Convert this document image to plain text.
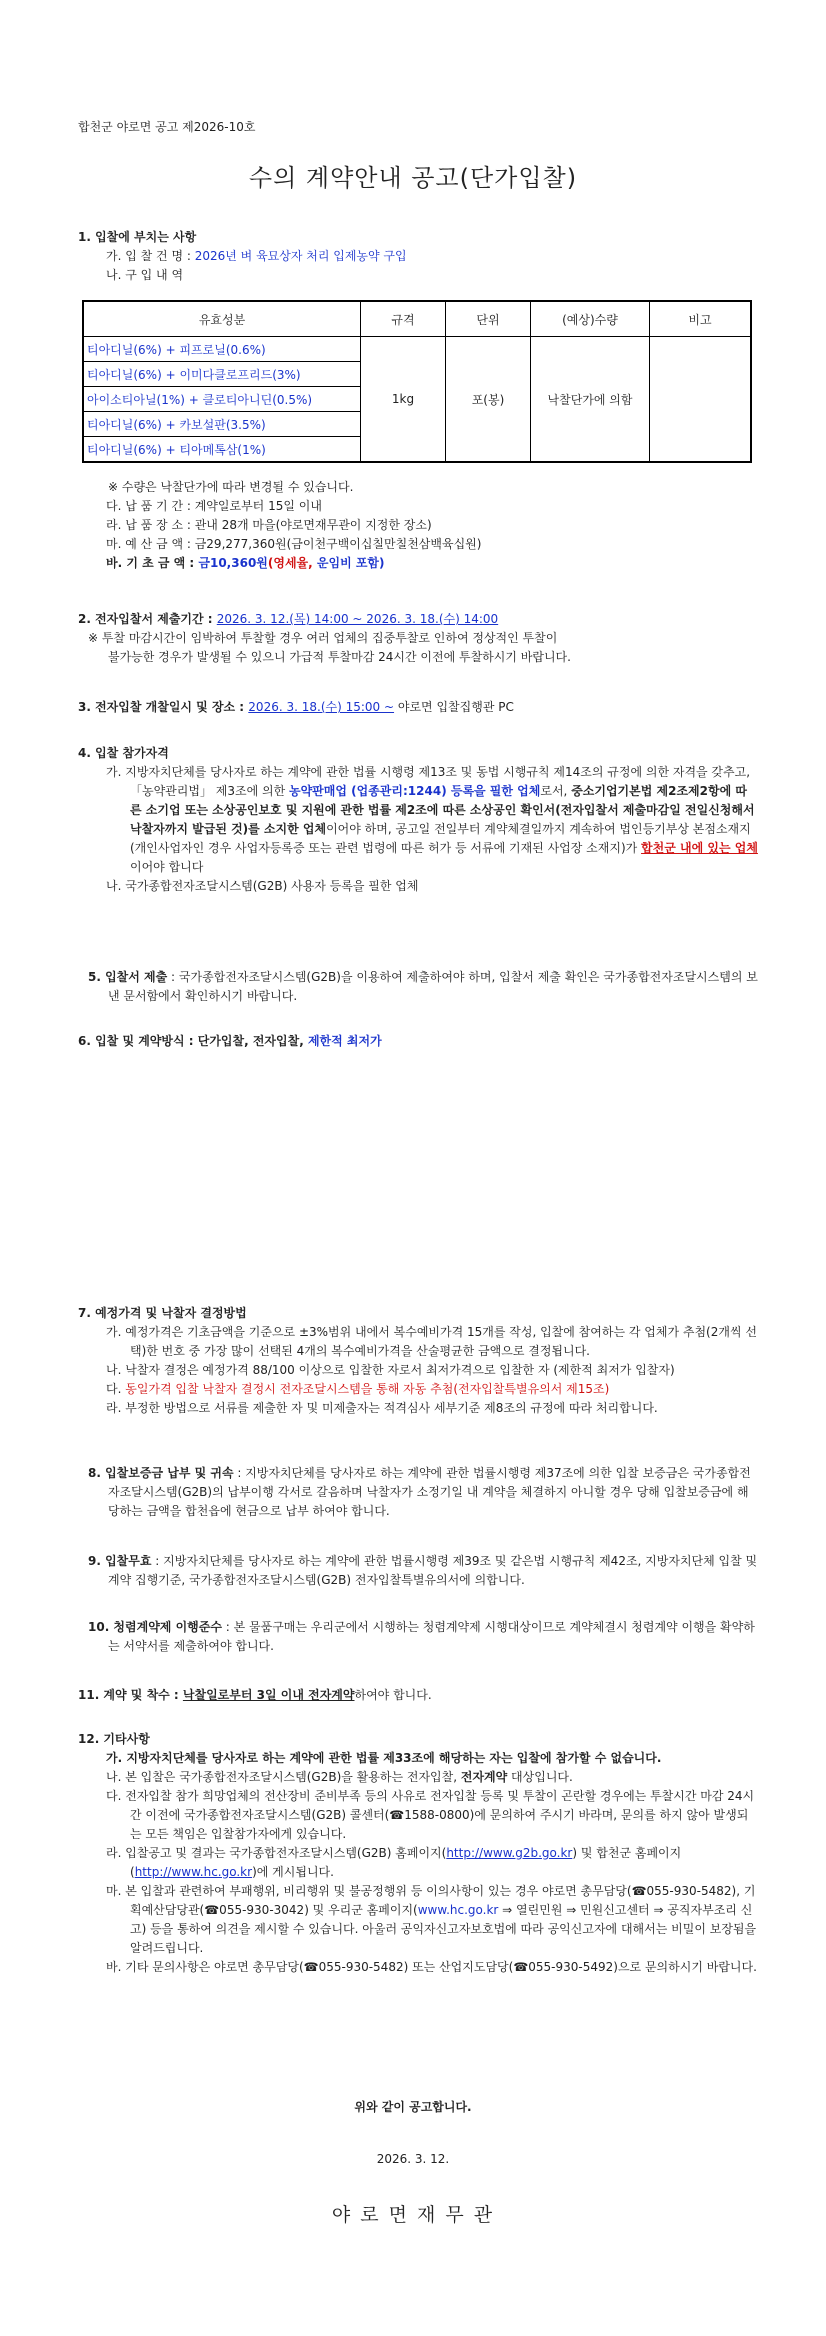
합천군 야로면 공고 제2026-10호
수의 계약안내 공고(단가입찰)
1. 입찰에 부치는 사항
가. 입 찰 건 명 : 2026년 벼 육묘상자 처리 입제농약 구입
나. 구 입 내 역
유효성분	규격	단위	(예상)수량	비고
티아디닐(6%) + 피프로닐(0.6%)	1kg	포(봉)	낙찰단가에 의함	
티아디닐(6%) + 이미다클로프리드(3%)				
아이소티아닐(1%) + 클로티아니딘(0.5%)				
티아디닐(6%) + 카보설판(3.5%)				
티아디닐(6%) + 티아메톡삼(1%)				
※ 수량은 낙찰단가에 따라 변경될 수 있습니다.
다. 납 품 기 간 : 계약일로부터 15일 이내
라. 납 품 장 소 : 관내 28개 마을(야로면재무관이 지정한 장소)
마. 예 산 금 액 : 금29,277,360원(금이천구백이십칠만칠천삼백육십원)
바. 기 초 금 액 : 금10,360원(영세율, 운임비 포함)
2. 전자입찰서 제출기간 : 2026. 3. 12.(목) 14:00 ~ 2026. 3. 18.(수) 14:00
※ 투찰 마감시간이 임박하여 투찰할 경우 여러 업체의 집중투찰로 인하여 정상적인 투찰이
불가능한 경우가 발생될 수 있으니 가급적 투찰마감 24시간 이전에 투찰하시기 바랍니다.
3. 전자입찰 개찰일시 및 장소 : 2026. 3. 18.(수) 15:00 ~ 야로면 입찰집행관 PC
4. 입찰 참가자격
가. 지방자치단체를 당사자로 하는 계약에 관한 법률 시행령 제13조 및 동법 시행규칙 제14조의 규정에 의한 자격을 갖추고, 「농약관리법」 제3조에 의한 농약판매업 (업종관리:1244) 등록을 필한 업체로서, 중소기업기본법 제2조제2항에 따른 소기업 또는 소상공인보호 및 지원에 관한 법률 제2조에 따른 소상공인 확인서(전자입찰서 제출마감일 전일신청해서 낙찰자까지 발급된 것)를 소지한 업체이어야 하며, 공고일 전일부터 계약체결일까지 계속하여 법인등기부상 본점소재지(개인사업자인 경우 사업자등록증 또는 관련 법령에 따른 허가 등 서류에 기재된 사업장 소재지)가 합천군 내에 있는 업체이어야 합니다
나. 국가종합전자조달시스템(G2B) 사용자 등록을 필한 업체
5. 입찰서 제출 : 국가종합전자조달시스템(G2B)을 이용하여 제출하여야 하며, 입찰서 제출 확인은 국가종합전자조달시스템의 보낸 문서함에서 확인하시기 바랍니다.
6. 입찰 및 계약방식 : 단가입찰, 전자입찰, 제한적 최저가
7. 예정가격 및 낙찰자 결정방법
가. 예정가격은 기초금액을 기준으로 ±3%범위 내에서 복수예비가격 15개를 작성, 입찰에 참여하는 각 업체가 추첨(2개씩 선택)한 번호 중 가장 많이 선택된 4개의 복수예비가격을 산술평균한 금액으로 결정됩니다.
나. 낙찰자 결정은 예정가격 88/100 이상으로 입찰한 자로서 최저가격으로 입찰한 자 (제한적 최저가 입찰자)
다. 동일가격 입찰 낙찰자 결정시 전자조달시스템을 통해 자동 추첨(전자입찰특별유의서 제15조)
라. 부정한 방법으로 서류를 제출한 자 및 미제출자는 적격심사 세부기준 제8조의 규정에 따라 처리합니다.
8. 입찰보증금 납부 및 귀속 : 지방자치단체를 당사자로 하는 계약에 관한 법률시행령 제37조에 의한 입찰 보증금은 국가종합전자조달시스템(G2B)의 납부이행 각서로 갈음하며 낙찰자가 소정기일 내 계약을 체결하지 아니할 경우 당해 입찰보증금에 해당하는 금액을 합천읍에 현금으로 납부 하여야 합니다.
9. 입찰무효 : 지방자치단체를 당사자로 하는 계약에 관한 법률시행령 제39조 및 같은법 시행규칙 제42조, 지방자치단체 입찰 및 계약 집행기준, 국가종합전자조달시스템(G2B) 전자입찰특별유의서에 의합니다.
10. 청렴계약제 이행준수 : 본 물품구매는 우리군에서 시행하는 청렴계약제 시행대상이므로 계약체결시 청렴계약 이행을 확약하는 서약서를 제출하여야 합니다.
11. 계약 및 착수 : 낙찰일로부터 3일 이내 전자계약하여야 합니다.
12. 기타사항
가. 지방자치단체를 당사자로 하는 계약에 관한 법률 제33조에 해당하는 자는 입찰에 참가할 수 없습니다.
나. 본 입찰은 국가종합전자조달시스템(G2B)을 활용하는 전자입찰, 전자계약 대상입니다.
다. 전자입찰 참가 희망업체의 전산장비 준비부족 등의 사유로 전자입찰 등록 및 투찰이 곤란할 경우에는 투찰시간 마감 24시간 이전에 국가종합전자조달시스템(G2B) 콜센터(☎1588-0800)에 문의하여 주시기 바라며, 문의를 하지 않아 발생되는 모든 책임은 입찰참가자에게 있습니다.
라. 입찰공고 및 결과는 국가종합전자조달시스템(G2B) 홈페이지(http://www.g2b.go.kr) 및 합천군 홈페이지(http://www.hc.go.kr)에 게시됩니다.
마. 본 입찰과 관련하여 부패행위, 비리행위 및 불공정행위 등 이의사항이 있는 경우 야로면 총무담당(☎055-930-5482), 기획예산담당관(☎055-930-3042) 및 우리군 홈페이지(www.hc.go.kr ⇒ 열린민원 ⇒ 민원신고센터 ⇒ 공직자부조리 신고) 등을 통하여 의견을 제시할 수 있습니다. 아울러 공익자신고자보호법에 따라 공익신고자에 대해서는 비밀이 보장됨을 알려드립니다.
바. 기타 문의사항은 야로면 총무담당(☎055-930-5482) 또는 산업지도담당(☎055-930-5492)으로 문의하시기 바랍니다.
위와 같이 공고합니다.
2026. 3. 12.
야 로 면 재 무 관
